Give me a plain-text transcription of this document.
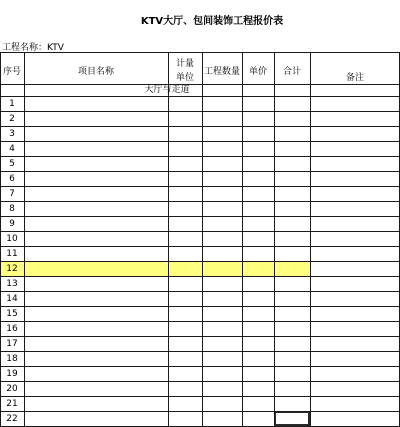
KTV大厅、包间装饰工程报价表
工程名称：KTV
序号	项目名称
计量
单位
工程数量 单价	合计
备注
大厅与走道
1
2
3
4
5
6
7
8
9
10
11
12
13
14
15
16
17
18
19
20
21
22
